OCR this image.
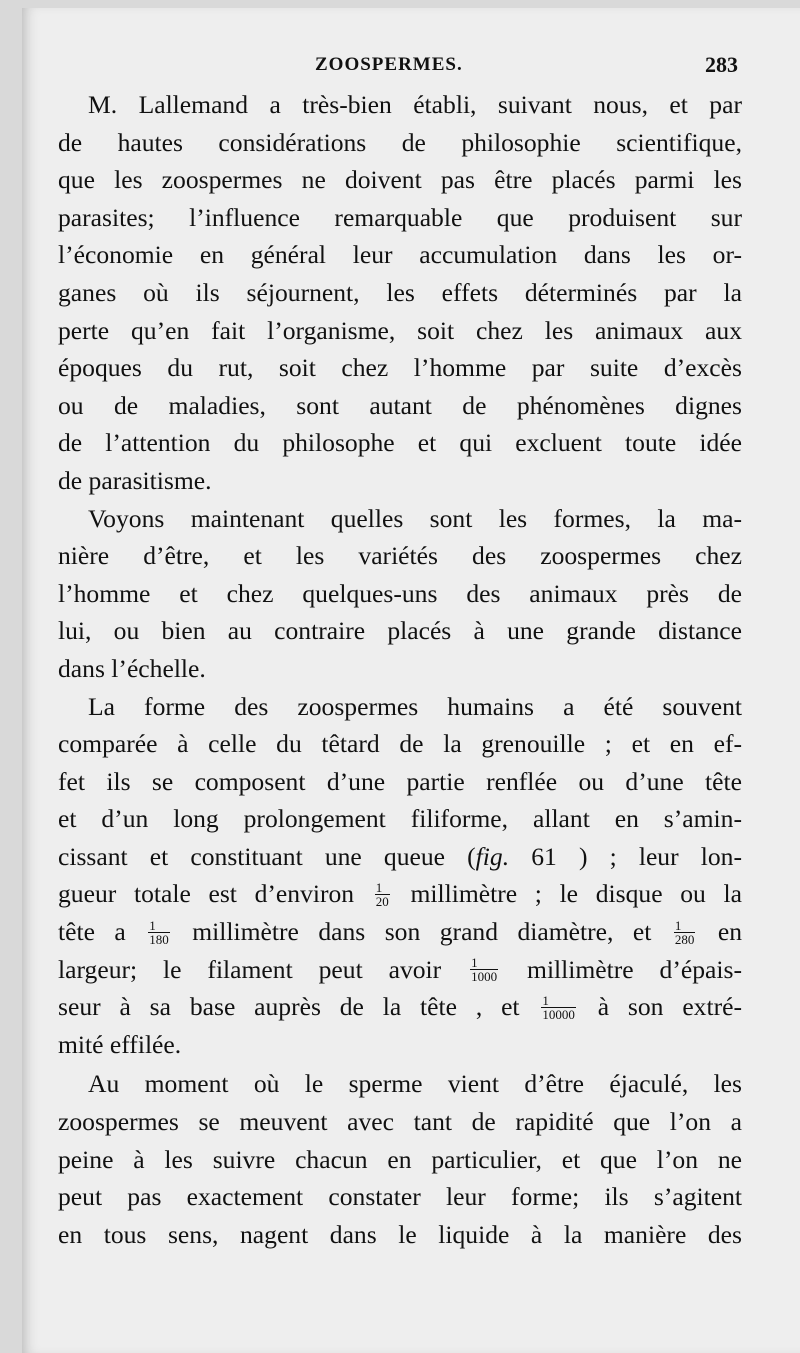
ZOOSPERMES.	283
M. Lallemand a très-bien établi, suivant nous, et par
de hautes considérations de philosophie scientifique,
que les zoospermes ne doivent pas être placés parmi les
parasites; l’influence remarquable que produisent sur
l’économie en général leur accumulation dans les or-
ganes où ils séjournent, les effets déterminés par la
perte qu’en fait l’organisme, soit chez les animaux aux
époques du rut, soit chez l’homme par suite d’excès
ou de maladies, sont autant de phénomènes dignes
de l’attention du philosophe et qui excluent toute idée
de parasitisme.
Voyons maintenant quelles sont les formes, la ma-
nière d’être, et les variétés des zoospermes chez
l’homme et chez quelques-uns des animaux près de
lui, ou bien au contraire placés à une grande distance
dans l’échelle.
La forme des zoospermes humains a été souvent
comparée à celle du têtard de la grenouille ; et en ef-
fet ils se composent d’une partie renflée ou d’une tête
et d’un long prolongement filiforme, allant en s’amin-
cissant et constituant une queue (fig. 61 ) ; leur lon-
gueur totale est d’environ $\frac{1}{20}$ millimètre ; le disque ou la
tête a $\frac{1}{180}$ millimètre dans son grand diamètre, et $\frac{1}{280}$ en
largeur; le filament peut avoir $\frac{1}{1000}$ millimètre d’épais-
seur à sa base auprès de la tête , et $\frac{1}{10000}$ à son extré-
mité effilée.
Au moment où le sperme vient d’être éjaculé, les
zoospermes se meuvent avec tant de rapidité que l’on a
peine à les suivre chacun en particulier, et que l’on ne
peut pas exactement constater leur forme; ils s’agitent
en tous sens, nagent dans le liquide à la manière des
